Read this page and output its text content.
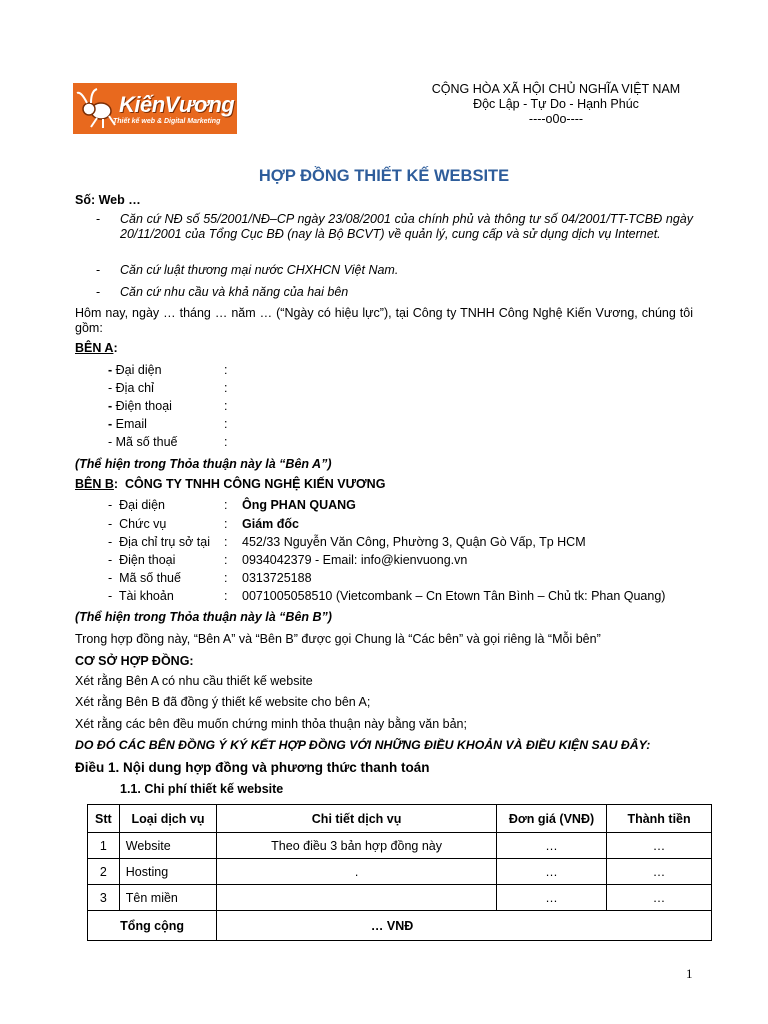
KiếnVương
Thiết kế web & Digital Marketing
CỘNG HÒA XÃ HỘI CHỦ NGHĨA VIỆT NAM
Độc Lập - Tự Do - Hạnh Phúc
----o0o----
HỢP ĐỒNG THIẾT KẾ WEBSITE
Số: Web …
- Căn cứ NĐ số 55/2001/NĐ–CP ngày 23/08/2001 của chính phủ và thông tư số 04/2001/TT-TCBĐ ngày 20/11/2001 của Tổng Cục BĐ (nay là Bộ BCVT) về quản lý, cung cấp và sử dụng dịch vụ Internet.
- Căn cứ luật thương mại nước CHXHCN Việt Nam.
- Căn cứ nhu cầu và khả năng của hai bên
Hôm nay, ngày … tháng … năm … (“Ngày có hiệu lực”), tại Công ty TNHH Công Nghệ Kiến Vương, chúng tôi gồm:
BÊN A:
- Đại diện	:
- Địa chỉ	:
- Điện thoại	:
- Email	:
- Mã số thuế	:
(Thể hiện trong Thỏa thuận này là “Bên A”)
BÊN B:  CÔNG TY TNHH CÔNG NGHỆ KIẾN VƯƠNG
-  Đại diện	: Ông PHAN QUANG
-  Chức vụ	: Giám đốc
-  Địa chỉ trụ sở tại : 452/33 Nguyễn Văn Công, Phường 3, Quận Gò Vấp, Tp HCM
-  Điện thoại	: 0934042379 - Email: info@kienvuong.vn
-  Mã số thuế	: 0313725188
-  Tài khoản	: 0071005058510 (Vietcombank – Cn Etown Tân Bình – Chủ tk: Phan Quang)
(Thể hiện trong Thỏa thuận này là “Bên B”)
Trong hợp đồng này, “Bên A” và “Bên B” được gọi Chung là “Các bên” và gọi riêng là “Mỗi bên”
CƠ SỞ HỢP ĐỒNG:
Xét rằng Bên A có nhu cầu thiết kế website
Xét rằng Bên B đã đồng ý thiết kế website cho bên A;
Xét rằng các bên đều muốn chứng minh thỏa thuận này bằng văn bản;
DO ĐÓ CÁC BÊN ĐỒNG Ý KÝ KẾT HỢP ĐỒNG VỚI NHỮNG ĐIỀU KHOẢN VÀ ĐIỀU KIỆN SAU ĐÂY:
Điều 1. Nội dung hợp đồng và phương thức thanh toán
1.1. Chi phí thiết kế website
Stt	Loại dịch vụ	Chi tiết dịch vụ	Đơn giá (VNĐ)	Thành tiền
1	Website	Theo điều 3 bản hợp đồng này	…	…
2	Hosting	.	…	…
3	Tên miền		…	…
Tổng cộng		… VNĐ		
1
